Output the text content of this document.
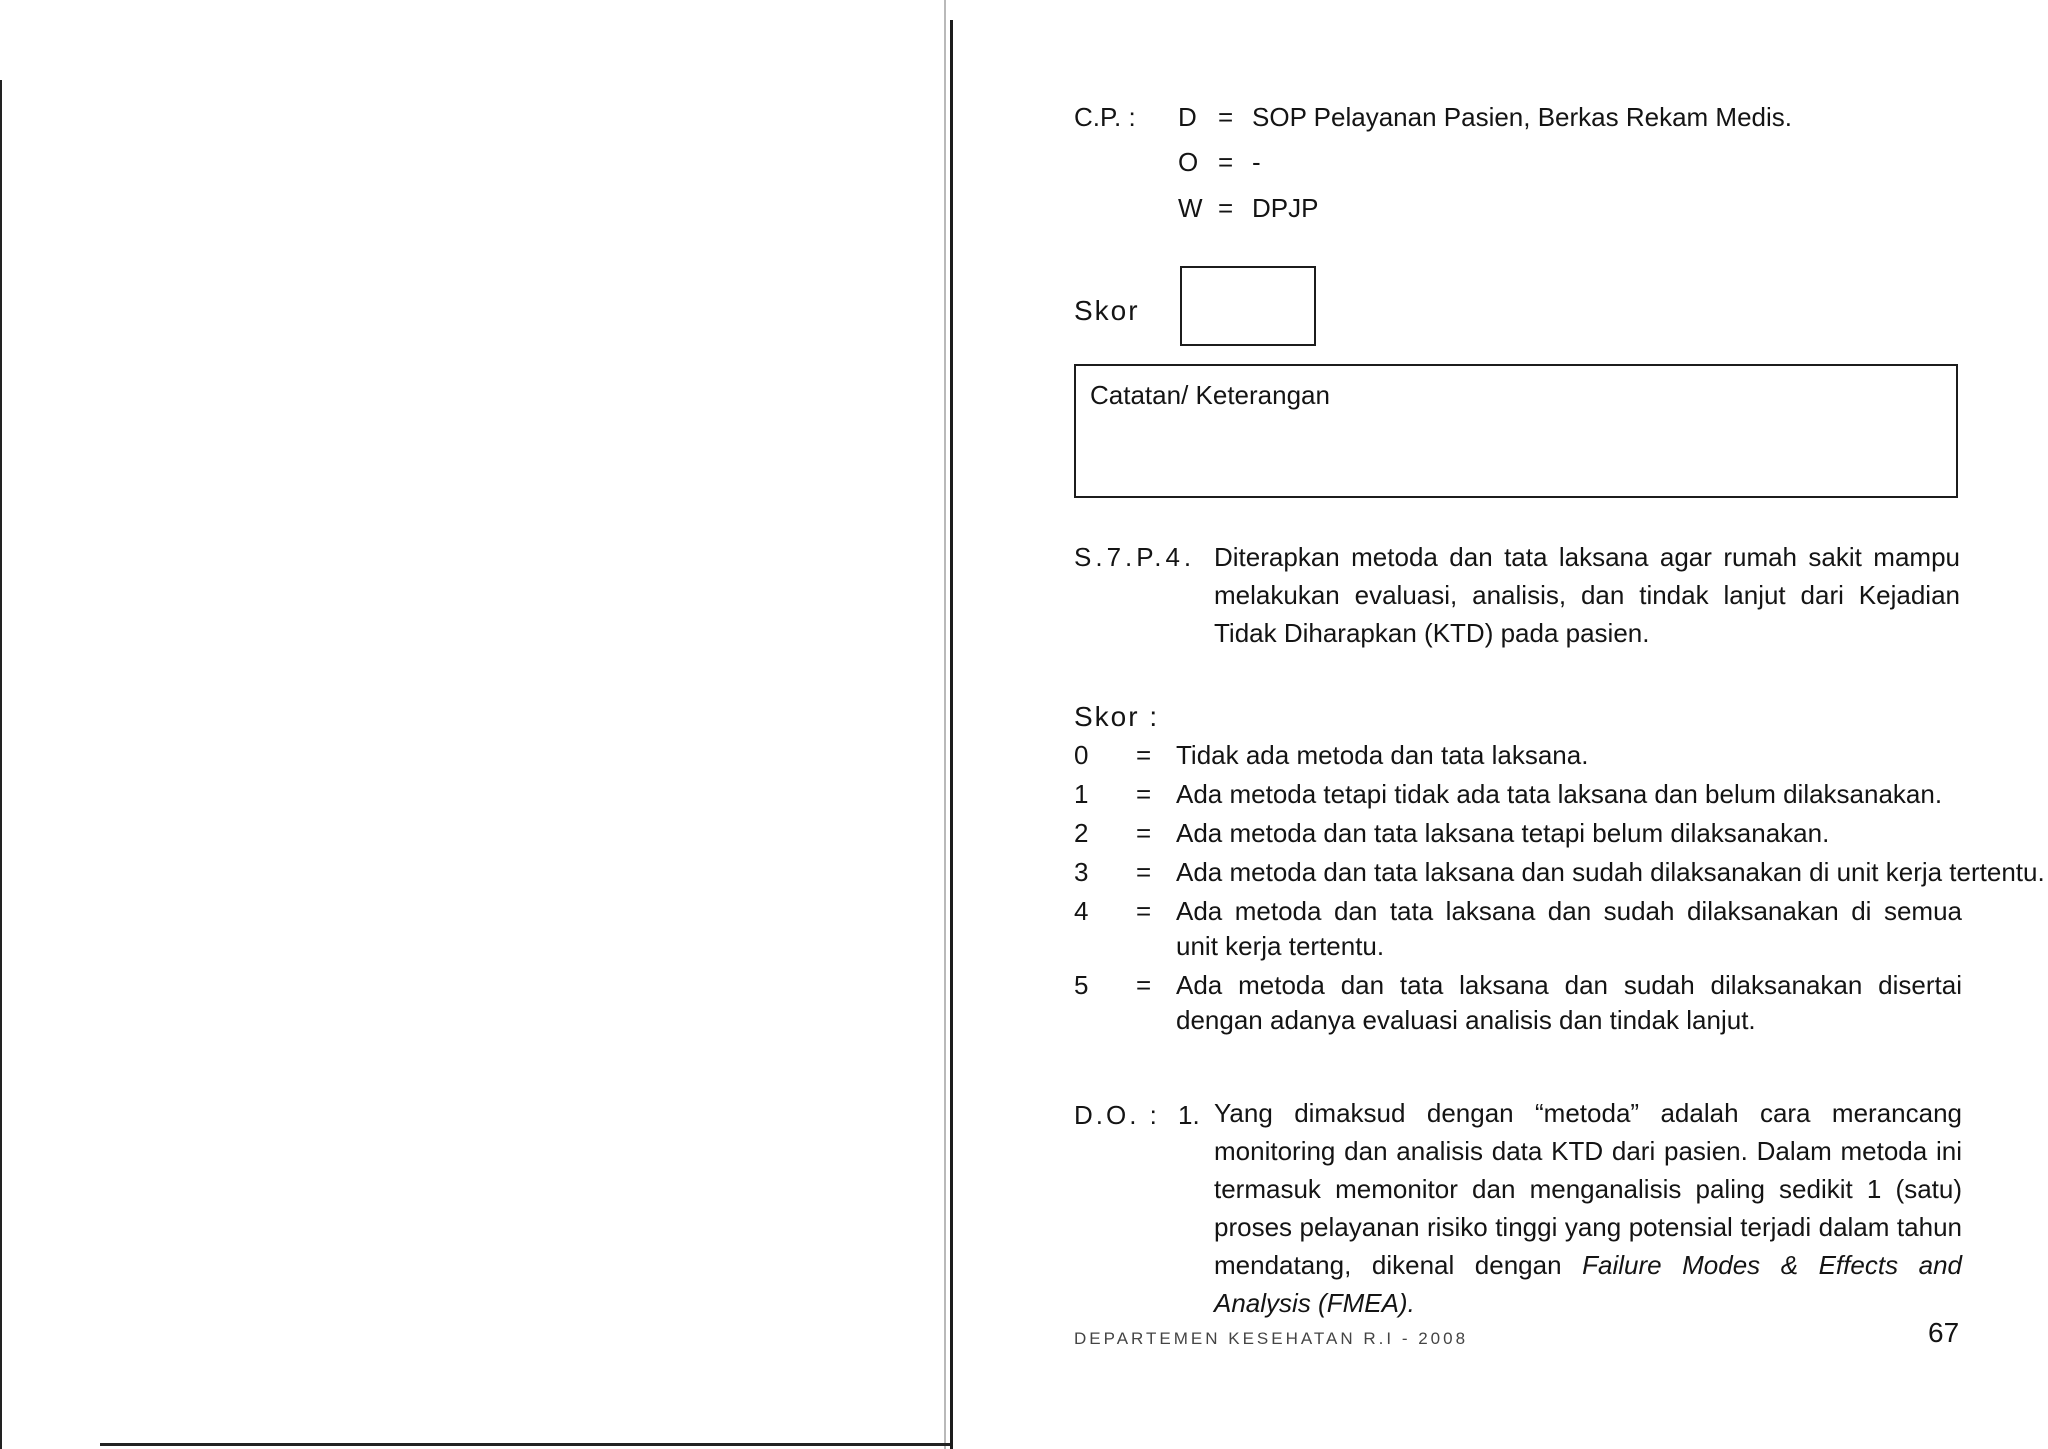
C.P. : D = SOP Pelayanan Pasien, Berkas Rekam Medis.
O = -
W = DPJP
Skor
Catatan/ Keterangan
S.7.P.4. Diterapkan metoda dan tata laksana agar rumah sakit mampu melakukan evaluasi, analisis, dan tindak lanjut dari Kejadian Tidak Diharapkan (KTD) pada pasien.
Skor :
0	= Tidak ada metoda dan tata laksana.
1	= Ada metoda tetapi tidak ada tata laksana dan belum dilaksanakan.
2	= Ada metoda dan tata laksana tetapi belum dilaksanakan.
3	= Ada metoda dan tata laksana dan sudah dilaksanakan di unit kerja tertentu.
4	= Ada metoda dan tata laksana dan sudah dilaksanakan di semua unit kerja tertentu.
5	= Ada metoda dan tata laksana dan sudah dilaksanakan disertai dengan adanya evaluasi analisis dan tindak lanjut.
D.O. : 1. Yang dimaksud dengan “metoda” adalah cara merancang monitoring dan analisis data KTD dari pasien. Dalam metoda ini termasuk memonitor dan menganalisis paling sedikit 1 (satu) proses pelayanan risiko tinggi yang potensial terjadi dalam tahun mendatang, dikenal dengan Failure Modes & Effects and Analysis (FMEA).
DEPARTEMEN KESEHATAN R.I - 2008	67
